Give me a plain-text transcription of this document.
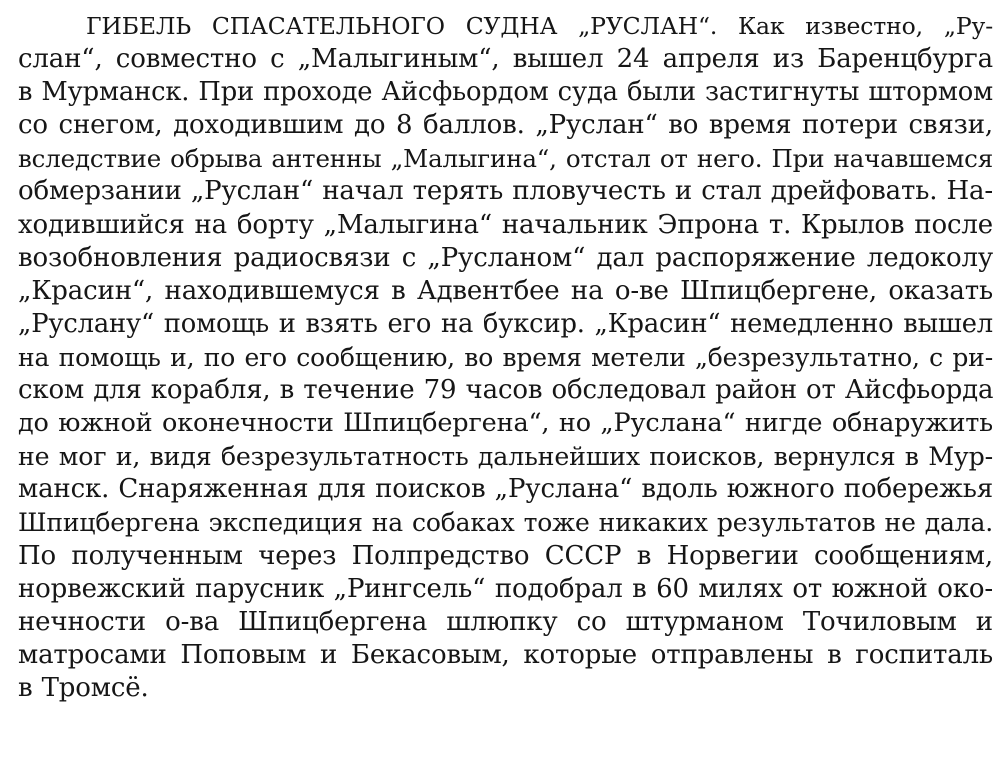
ГИБЕЛЬ СПАСАТЕЛЬНОГО СУДНА „РУСЛАН“. Как известно, „Ру-
слан“, совместно с „Малыгиным“, вышел 24 апреля из Баренцбурга
в Мурманск. При проходе Айсфьордом суда были застигнуты штормом
со снегом, доходившим до 8 баллов. „Руслан“ во время потери связи,
вследствие обрыва антенны „Малыгина“, отстал от него. При начавшемся
обмерзании „Руслан“ начал терять пловучесть и стал дрейфовать. На-
ходившийся на борту „Малыгина“ начальник Эпрона т. Крылов после
возобновления радиосвязи с „Русланом“ дал распоряжение ледоколу
„Красин“, находившемуся в Адвентбее на о-ве Шпицбергене, оказать
„Руслану“ помощь и взять его на буксир. „Красин“ немедленно вышел
на помощь и, по его сообщению, во время метели „безрезультатно, с ри-
ском для корабля, в течение 79 часов обследовал район от Айсфьорда
до южной оконечности Шпицбергена“, но „Руслана“ нигде обнаружить
не мог и, видя безрезультатность дальнейших поисков, вернулся в Мур-
манск. Снаряженная для поисков „Руслана“ вдоль южного побережья
Шпицбергена экспедиция на собаках тоже никаких результатов не дала.
По полученным через Полпредство СССР в Норвегии сообщениям,
норвежский парусник „Рингсель“ подобрал в 60 милях от южной око-
нечности о-ва Шпицбергена шлюпку со штурманом Точиловым и
матросами Поповым и Бекасовым, которые отправлены в госпиталь
в Тромсё.
